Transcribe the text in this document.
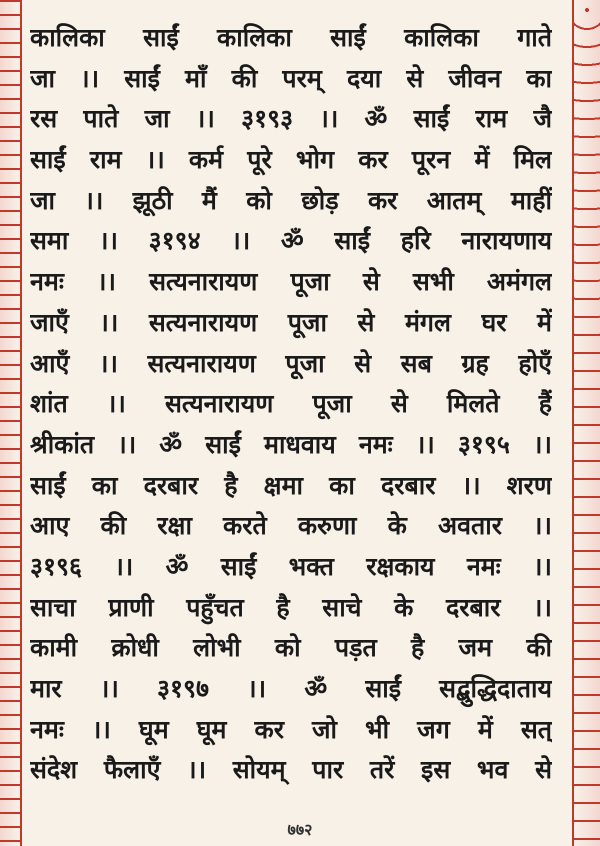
कालिका साईं कालिका साईं कालिका गाते
जा ।। साईं माँ की परम् दया से जीवन का
रस पाते जा ।। ३१९३ ।। ॐ साईं राम जै
साईं राम ।। कर्म पूरे भोग कर पूरन में मिल
जा ।। झूठी मैं को छोड़ कर आतम् माहीं
समा ।। ३१९४ ।। ॐ साईं हरि नारायणाय
नमः ।। सत्यनारायण पूजा से सभी अमंगल
जाएँ ।। सत्यनारायण पूजा से मंगल घर में
आएँ ।। सत्यनारायण पूजा से सब ग्रह होएँ
शांत ।। सत्यनारायण पूजा से मिलते हैं
श्रीकांत ।। ॐ साईं माधवाय नमः ।। ३१९५ ।।
साईं का दरबार है क्षमा का दरबार ।। शरण
आए की रक्षा करते करुणा के अवतार ।।
३१९६ ।। ॐ साईं भक्त रक्षकाय नमः ।।
साचा प्राणी पहुँचत है साचे के दरबार ।।
कामी क्रोधी लोभी को पड़त है जम की
मार ।। ३१९७ ।। ॐ साईं सद्बुद्धिदाताय
नमः ।। घूम घूम कर जो भी जग में सत्
संदेश फैलाएँ ।। सोयम् पार तरें इस भव से
७७२
